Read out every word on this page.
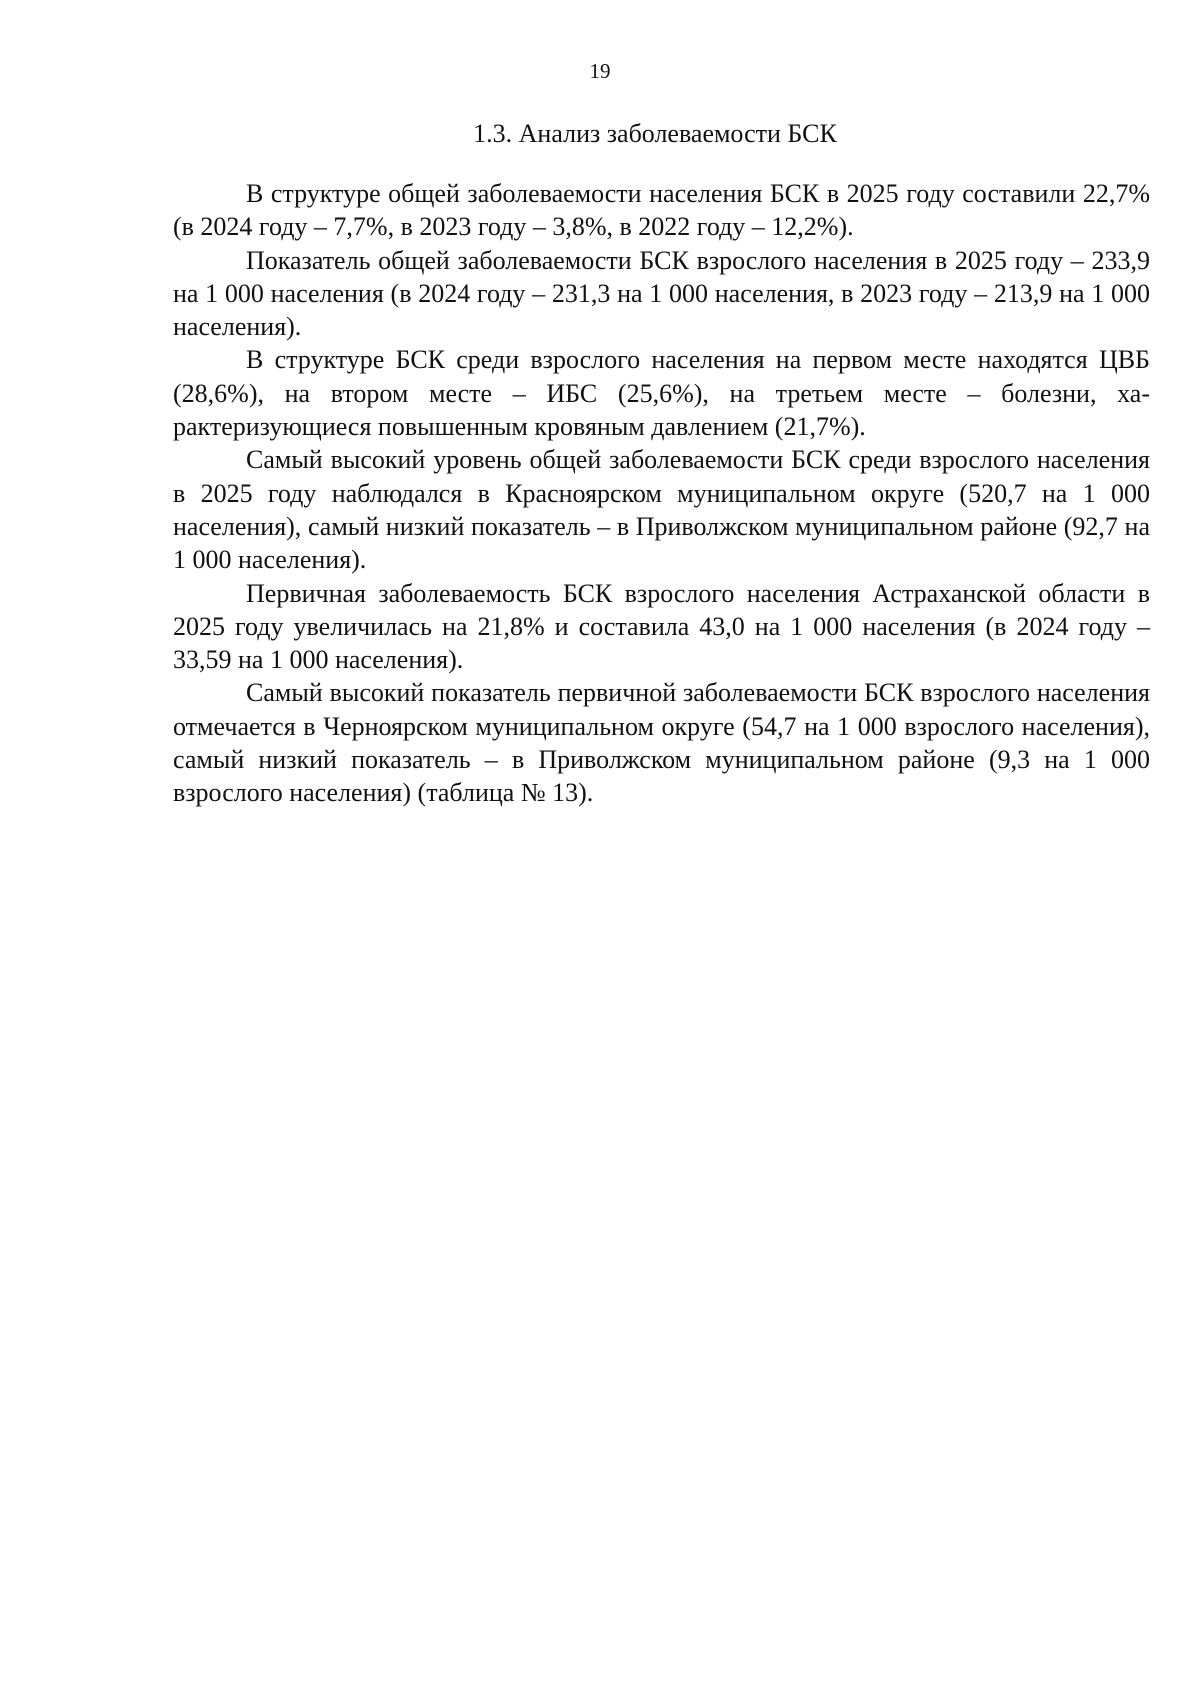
19
1.3. Анализ заболеваемости БСК

В структуре общей заболеваемости населения БСК в 2025 году составили 22,7% (в 2024 году – 7,7%, в 2023 году – 3,8%, в 2022 году – 12,2%).

Показатель общей заболеваемости БСК взрослого населения в 2025 году – 233,9 на 1 000 населения (в 2024 году – 231,3 на 1 000 населения, в 2023 году – 213,9 на 1 000 населения).

В структуре БСК среди взрослого населения на первом месте находятся ЦВБ (28,6%), на втором месте – ИБС (25,6%), на третьем месте – болезни, характеризующиеся повышенным кровяным давлением (21,7%).

Самый высокий уровень общей заболеваемости БСК среди взрослого населения в 2025 году наблюдался в Красноярском муниципальном округе (520,7 на 1 000 населения), самый низкий показатель – в Приволжском муниципальном районе (92,7 на 1 000 населения).

Первичная заболеваемость БСК взрослого населения Астраханской области в 2025 году увеличилась на 21,8% и составила 43,0 на 1 000 населения (в 2024 году – 33,59 на 1 000 населения).

Самый высокий показатель первичной заболеваемости БСК взрослого населения отмечается в Черноярском муниципальном округе (54,7 на 1 000 взрослого населения), самый низкий показатель – в Приволжском муниципальном районе (9,3 на 1 000 взрослого населения) (таблица № 13).
